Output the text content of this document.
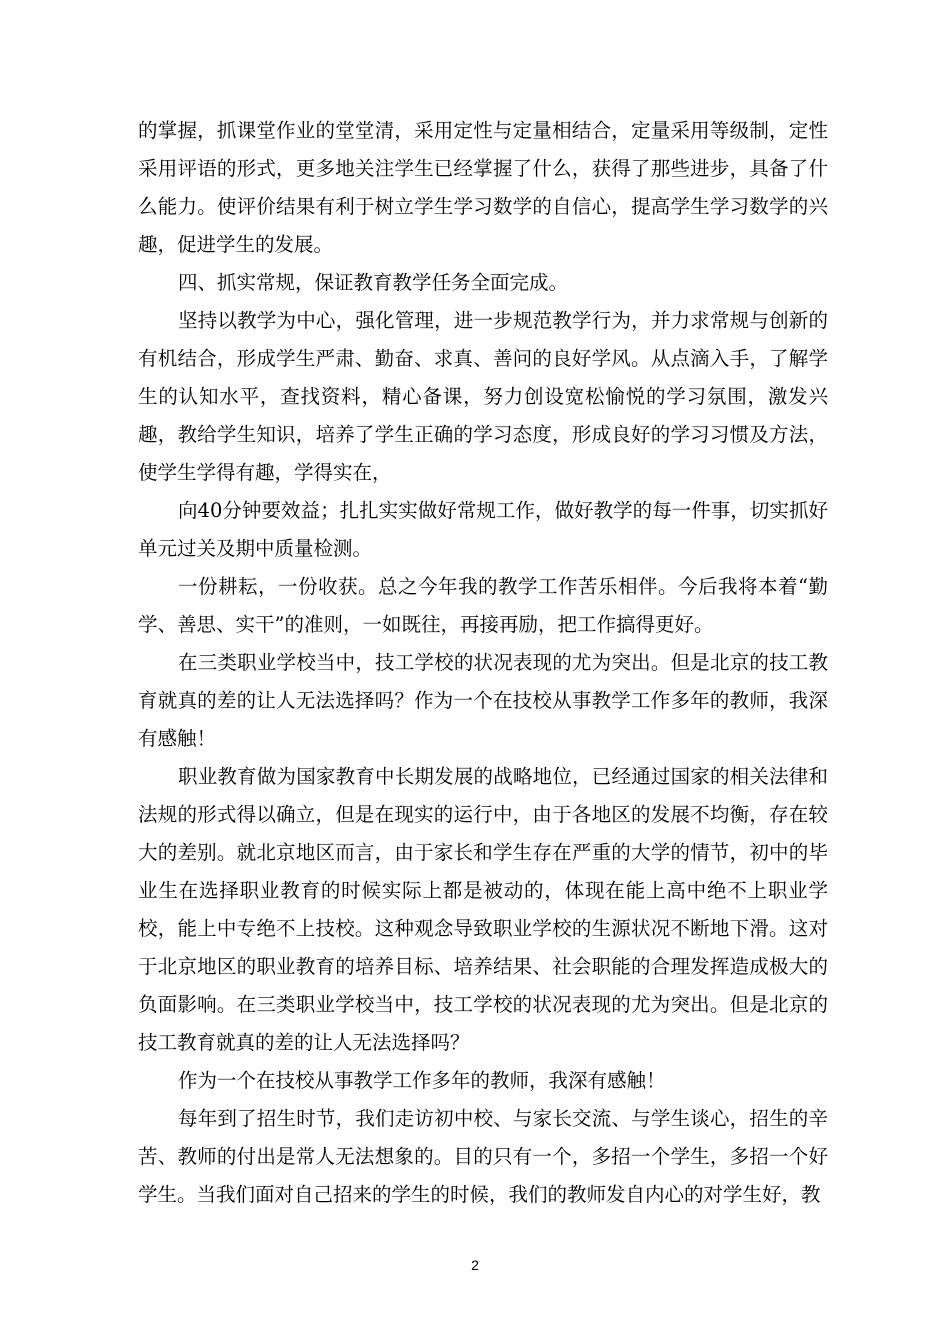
的掌握，抓课堂作业的堂堂清，采用定性与定量相结合，定量采用等级制，定性采用评语的形式，更多地关注学生已经掌握了什么，获得了那些进步，具备了什么能力。使评价结果有利于树立学生学习数学的自信心，提高学生学习数学的兴趣，促进学生的发展。

四、抓实常规，保证教育教学任务全面完成。

坚持以教学为中心，强化管理，进一步规范教学行为，并力求常规与创新的有机结合，形成学生严肃、勤奋、求真、善问的良好学风。从点滴入手，了解学生的认知水平，查找资料，精心备课，努力创设宽松愉悦的学习氛围，激发兴趣，教给学生知识，培养了学生正确的学习态度，形成良好的学习习惯及方法，使学生学得有趣，学得实在，

向40分钟要效益；扎扎实实做好常规工作，做好教学的每一件事，切实抓好单元过关及期中质量检测。

一份耕耘，一份收获。总之今年我的教学工作苦乐相伴。今后我将本着“勤学、善思、实干”的准则，一如既往，再接再励，把工作搞得更好。

在三类职业学校当中，技工学校的状况表现的尤为突出。但是北京的技工教育就真的差的让人无法选择吗？作为一个在技校从事教学工作多年的教师，我深有感触！

职业教育做为国家教育中长期发展的战略地位，已经通过国家的相关法律和法规的形式得以确立，但是在现实的运行中，由于各地区的发展不均衡，存在较大的差别。就北京地区而言，由于家长和学生存在严重的大学的情节，初中的毕业生在选择职业教育的时候实际上都是被动的，体现在能上高中绝不上职业学校，能上中专绝不上技校。这种观念导致职业学校的生源状况不断地下滑。这对于北京地区的职业教育的培养目标、培养结果、社会职能的合理发挥造成极大的负面影响。在三类职业学校当中，技工学校的状况表现的尤为突出。但是北京的技工教育就真的差的让人无法选择吗？

作为一个在技校从事教学工作多年的教师，我深有感触！

每年到了招生时节，我们走访初中校、与家长交流、与学生谈心，招生的辛苦、教师的付出是常人无法想象的。目的只有一个，多招一个学生，多招一个好学生。当我们面对自己招来的学生的时候，我们的教师发自内心的对学生好，教

2
